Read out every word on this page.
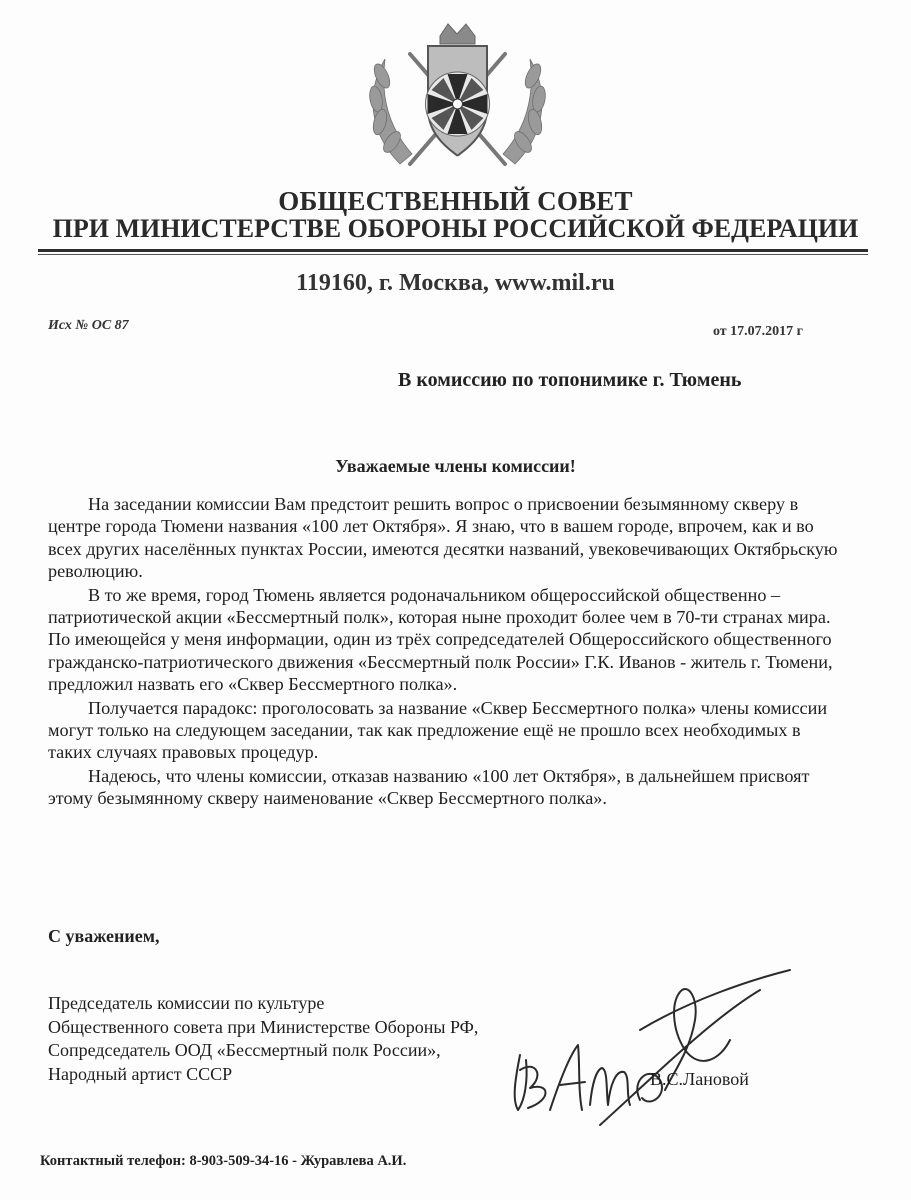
ОБЩЕСТВЕННЫЙ СОВЕТ
ПРИ МИНИСТЕРСТВЕ ОБОРОНЫ РОССИЙСКОЙ ФЕДЕРАЦИИ
119160, г. Москва, www.mil.ru
Исх № ОС 87	от 17.07.2017 г
В комиссию по топонимике г. Тюмень
Уважаемые члены комиссии!

На заседании комиссии Вам предстоит решить вопрос о присвоении безымянному скверу в центре города Тюмени названия «100 лет Октября». Я знаю, что в вашем городе, впрочем, как и во всех других населённых пунктах России, имеются десятки названий, увековечивающих Октябрьскую революцию.

В то же время, город Тюмень является родоначальником общероссийской общественно – патриотической акции «Бессмертный полк», которая ныне проходит более чем в 70-ти странах мира. По имеющейся у меня информации, один из трёх сопредседателей Общероссийского общественного гражданско-патриотического движения «Бессмертный полк России» Г.К. Иванов - житель г. Тюмени, предложил назвать его «Сквер Бессмертного полка».

Получается парадокс: проголосовать за название «Сквер Бессмертного полка» члены комиссии могут только на следующем заседании, так как предложение ещё не прошло всех необходимых в таких случаях правовых процедур.

Надеюсь, что члены комиссии, отказав названию «100 лет Октября», в дальнейшем присвоят этому безымянному скверу наименование «Сквер Бессмертного полка».

С уважением,
Председатель комиссии по культуре
Общественного совета при Министерстве Обороны РФ,
Сопредседатель ООД «Бессмертный полк России»,
Народный артист СССР	В.С.Лановой
Контактный телефон: 8-903-509-34-16 - Журавлева А.И.
